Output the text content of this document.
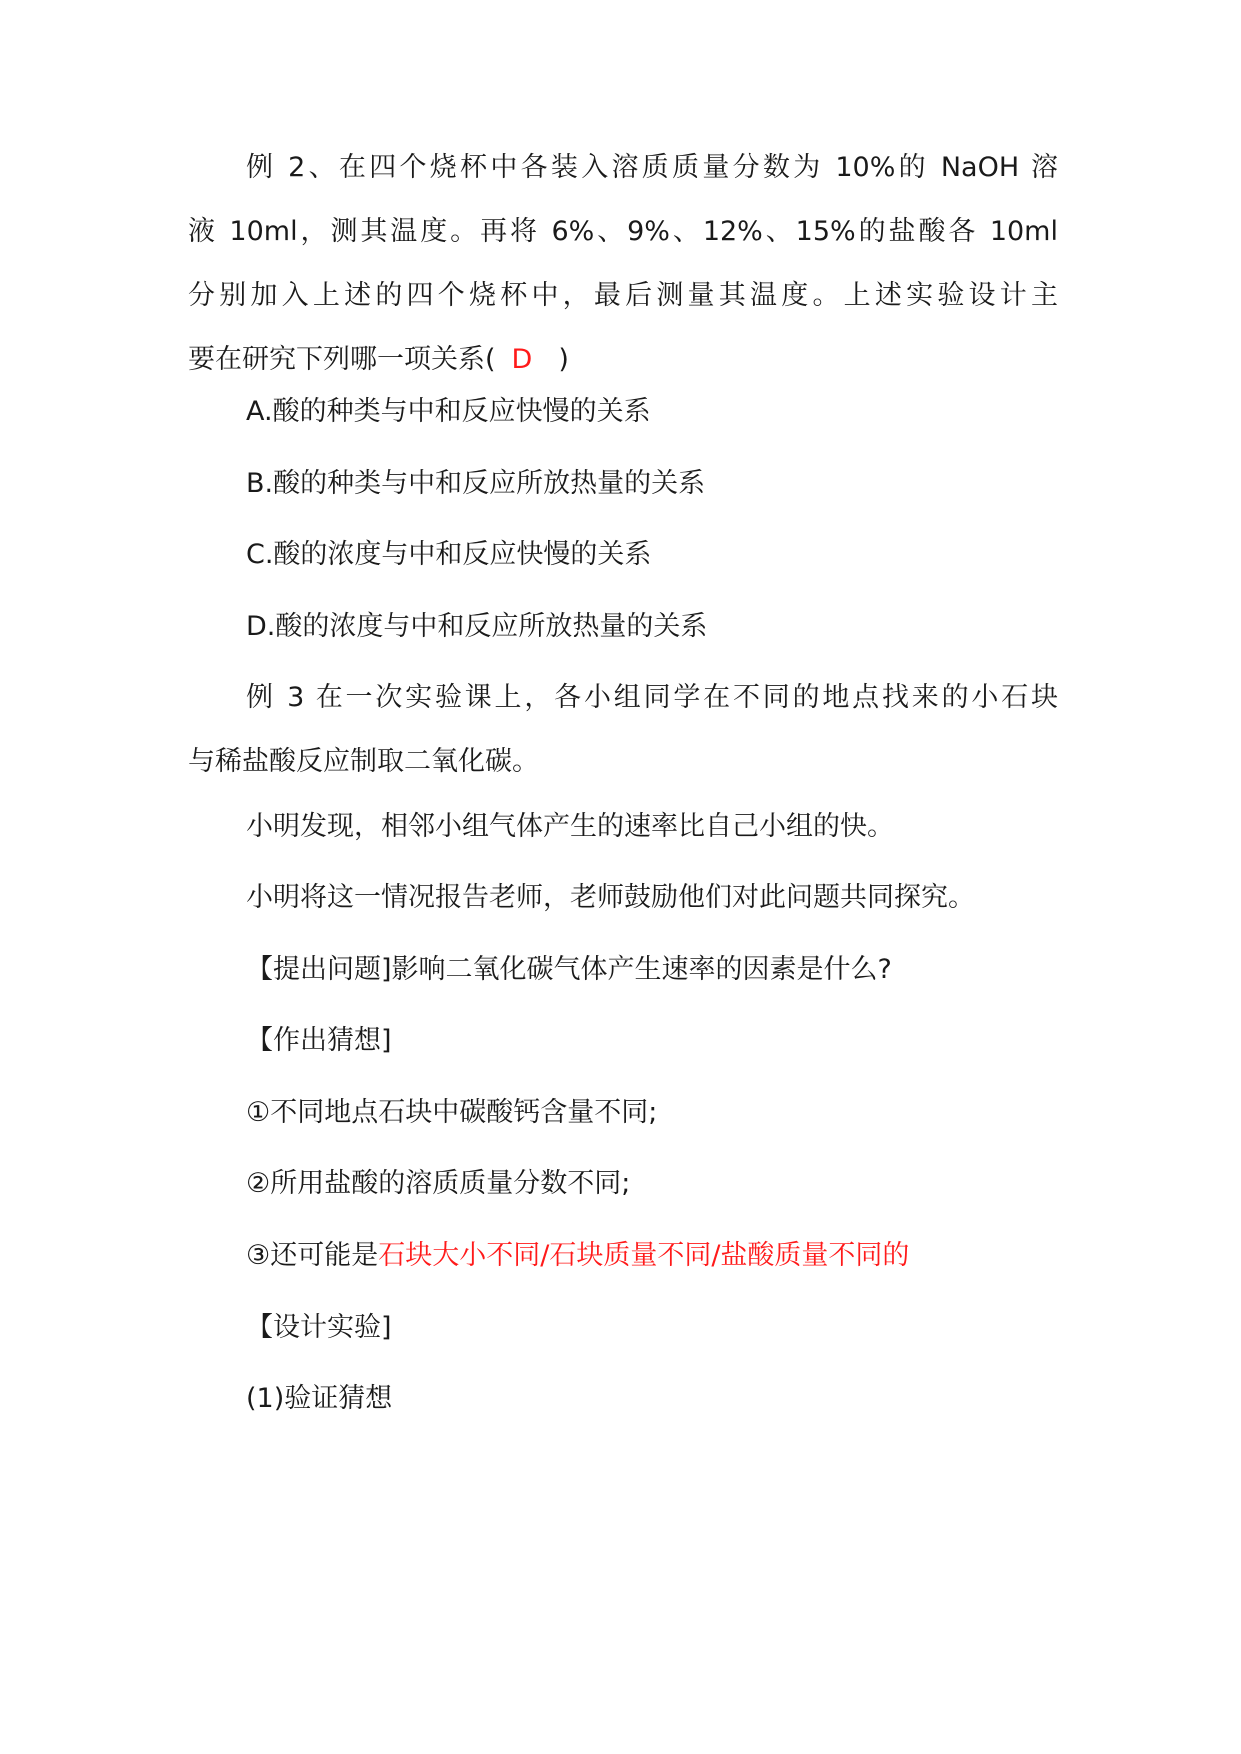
例 2、在四个烧杯中各装入溶质质量分数为 10%的 NaOH 溶
液 10ml，测其温度。再将 6%、9%、12%、15%的盐酸各 10ml
分别加入上述的四个烧杯中，最后测量其温度。上述实验设计主
要在研究下列哪一项关系( D )
A.酸的种类与中和反应快慢的关系
B.酸的种类与中和反应所放热量的关系
C.酸的浓度与中和反应快慢的关系
D.酸的浓度与中和反应所放热量的关系
例 3 在一次实验课上，各小组同学在不同的地点找来的小石块
与稀盐酸反应制取二氧化碳。
小明发现，相邻小组气体产生的速率比自己小组的快。
小明将这一情况报告老师，老师鼓励他们对此问题共同探究。
【提出问题]影响二氧化碳气体产生速率的因素是什么?
【作出猜想]
①不同地点石块中碳酸钙含量不同;
②所用盐酸的溶质质量分数不同;
③还可能是石块大小不同/石块质量不同/盐酸质量不同的
【设计实验]
(1)验证猜想
